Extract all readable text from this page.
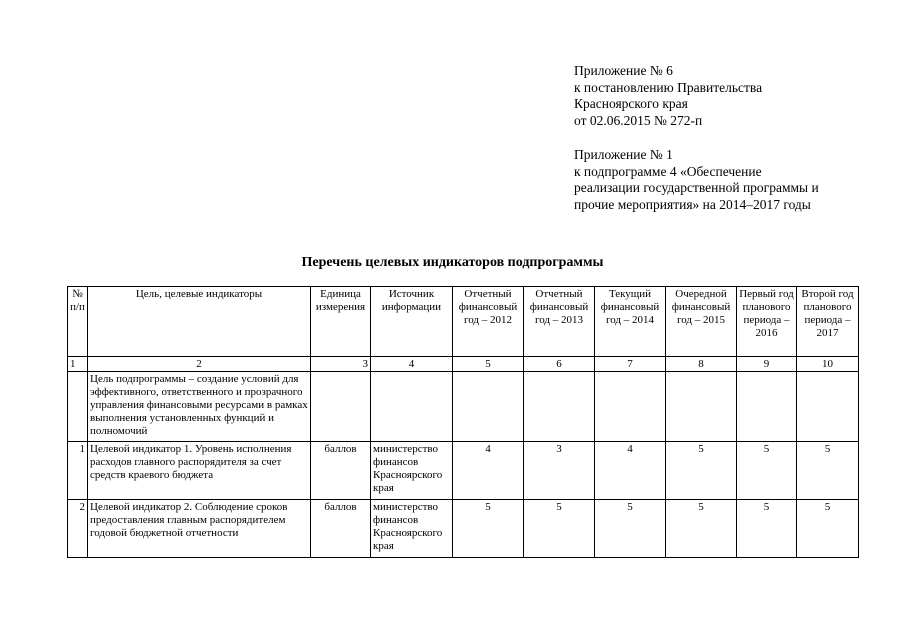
Приложение № 6
к постановлению Правительства
Красноярского края
от 02.06.2015 № 272-п
Приложение № 1
к подпрограмме 4 «Обеспечение
реализации государственной программы и
прочие мероприятия» на 2014–2017 годы
Перечень целевых индикаторов подпрограммы
№ п/п	Цель, целевые индикаторы	Единица измерения	Источник информации	Отчетный финансовый год – 2012	Отчетный финансовый год – 2013	Текущий финансовый год – 2014	Очередной финансовый год – 2015	Первый год планового периода – 2016	Второй год планового периода – 2017
1	2	3	4	5	6	7	8	9	10
	Цель подпрограммы – создание условий для эффективного, ответственного и прозрачного управления финансовыми ресурсами в рамках выполнения установленных функций и полномочий								
1	Целевой индикатор 1. Уровень исполнения расходов главного распорядителя за счет средств краевого бюджета	баллов	министерство финансов Красноярского края	4	3	4	5	5	5
2	Целевой индикатор 2. Соблюдение сроков предоставления главным распорядителем годовой бюджетной отчетности	баллов	министерство финансов Красноярского края	5	5	5	5	5	5
